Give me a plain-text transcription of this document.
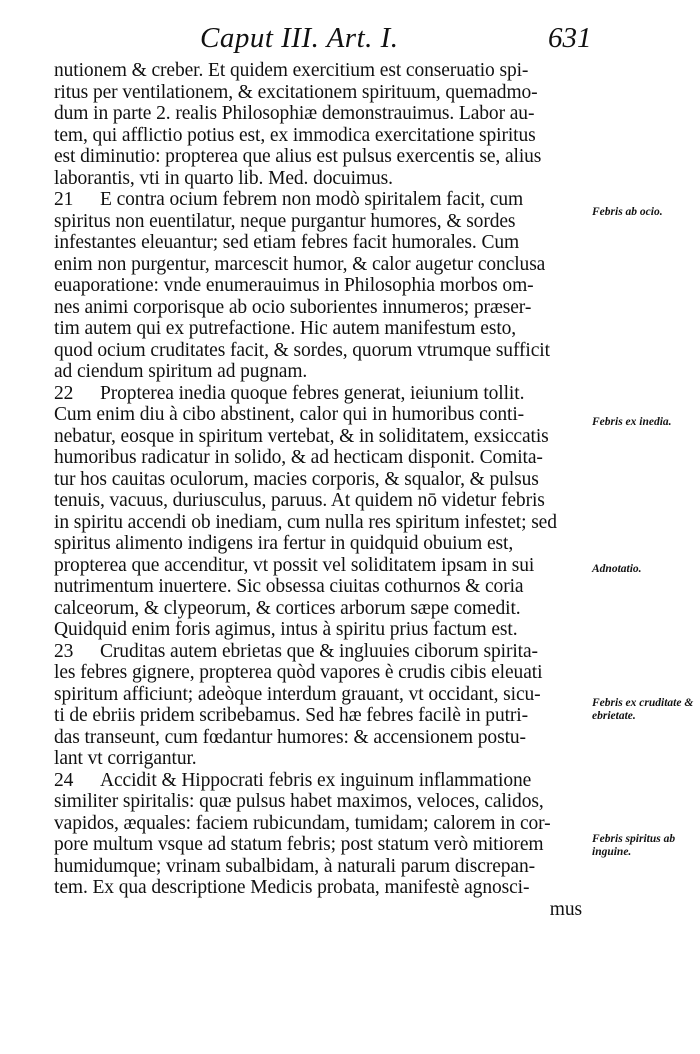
Caput III. Art. I.	631
nutionem & creber. Et quidem exercitium est conseruatio spi-
ritus per ventilationem, & excitationem spirituum, quemadmo-
dum in parte 2. realis Philosophiæ demonstrauimus. Labor au-
tem, qui afflictio potius est, ex immodica exercitatione spiritus
est diminutio: propterea que alius est pulsus exercentis se, alius
laborantis, vti in quarto lib. Med. docuimus.
21 E contra ocium febrem non modò spiritalem facit, cum
spiritus non euentilatur, neque purgantur humores, & sordes
infestantes eleuantur; sed etiam febres facit humorales. Cum
enim non purgentur, marcescit humor, & calor augetur conclusa
euaporatione: vnde enumerauimus in Philosophia morbos om-
nes animi corporisque ab ocio suborientes innumeros; præser-
tim autem qui ex putrefactione. Hic autem manifestum esto,
quod ocium cruditates facit, & sordes, quorum vtrumque sufficit
ad ciendum spiritum ad pugnam.
22 Propterea inedia quoque febres generat, ieiunium tollit.
Cum enim diu à cibo abstinent, calor qui in humoribus conti-
nebatur, eosque in spiritum vertebat, & in soliditatem, exsiccatis
humoribus radicatur in solido, & ad hecticam disponit. Comita-
tur hos cauitas oculorum, macies corporis, & squalor, & pulsus
tenuis, vacuus, duriusculus, paruus. At quidem nō videtur febris
in spiritu accendi ob inediam, cum nulla res spiritum infestet; sed
spiritus alimento indigens ira fertur in quidquid obuium est,
propterea que accenditur, vt possit vel soliditatem ipsam in sui
nutrimentum inuertere. Sic obsessa ciuitas cothurnos & coria
calceorum, & clypeorum, & cortices arborum sæpe comedit.
Quidquid enim foris agimus, intus à spiritu prius factum est.
23 Cruditas autem ebrietas que & ingluuies ciborum spirita-
les febres gignere, propterea quòd vapores è crudis cibis eleuati
spiritum afficiunt; adeòque interdum grauant, vt occidant, sicu-
ti de ebriis pridem scribebamus. Sed hæ febres facilè in putri-
das transeunt, cum fœdantur humores: & accensionem postu-
lant vt corrigantur.
24 Accidit & Hippocrati febris ex inguinum inflammatione
similiter spiritalis: quæ pulsus habet maximos, veloces, calidos,
vapidos, æquales: faciem rubicundam, tumidam; calorem in cor-
pore multum vsque ad statum febris; post statum verò mitiorem
humidumque; vrinam subalbidam, à naturali parum discrepan-
tem. Ex qua descriptione Medicis probata, manifestè agnosci-
mus
Febris ab ocio.
Febris ex inedia.
Adnotatio.
Febris ex cruditate & ebrietate.
Febris spiritus ab inguine.
